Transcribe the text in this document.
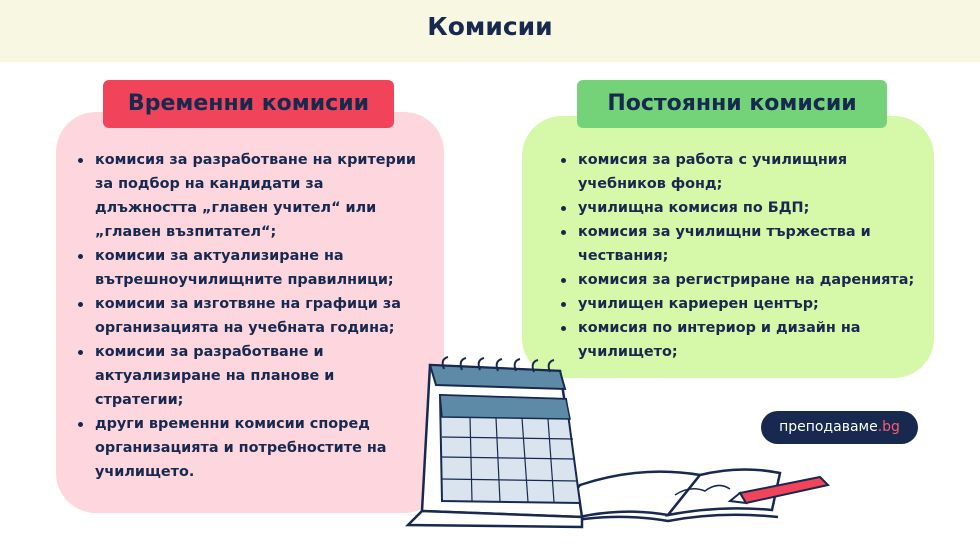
Комисии
Временни комисии
комисия за разработване на критерии за подбор на кандидати за длъжността „главен учител“ или „главен възпитател“;
комисии за актуализиране на вътрешноучилищните правилници;
комисии за изготвяне на графици за организацията на учебната година;
комисии за разработване и актуализиране на планове и стратегии;
други временни комисии според организацията и потребностите на училището.
Постоянни комисии
комисия за работа с училищния учебников фонд;
училищна комисия по БДП;
комисия за училищни тържества и чествания;
комисия за регистриране на даренията;
училищен кариерен център;
комисия по интериор и дизайн на училището;
преподаваме.bg
